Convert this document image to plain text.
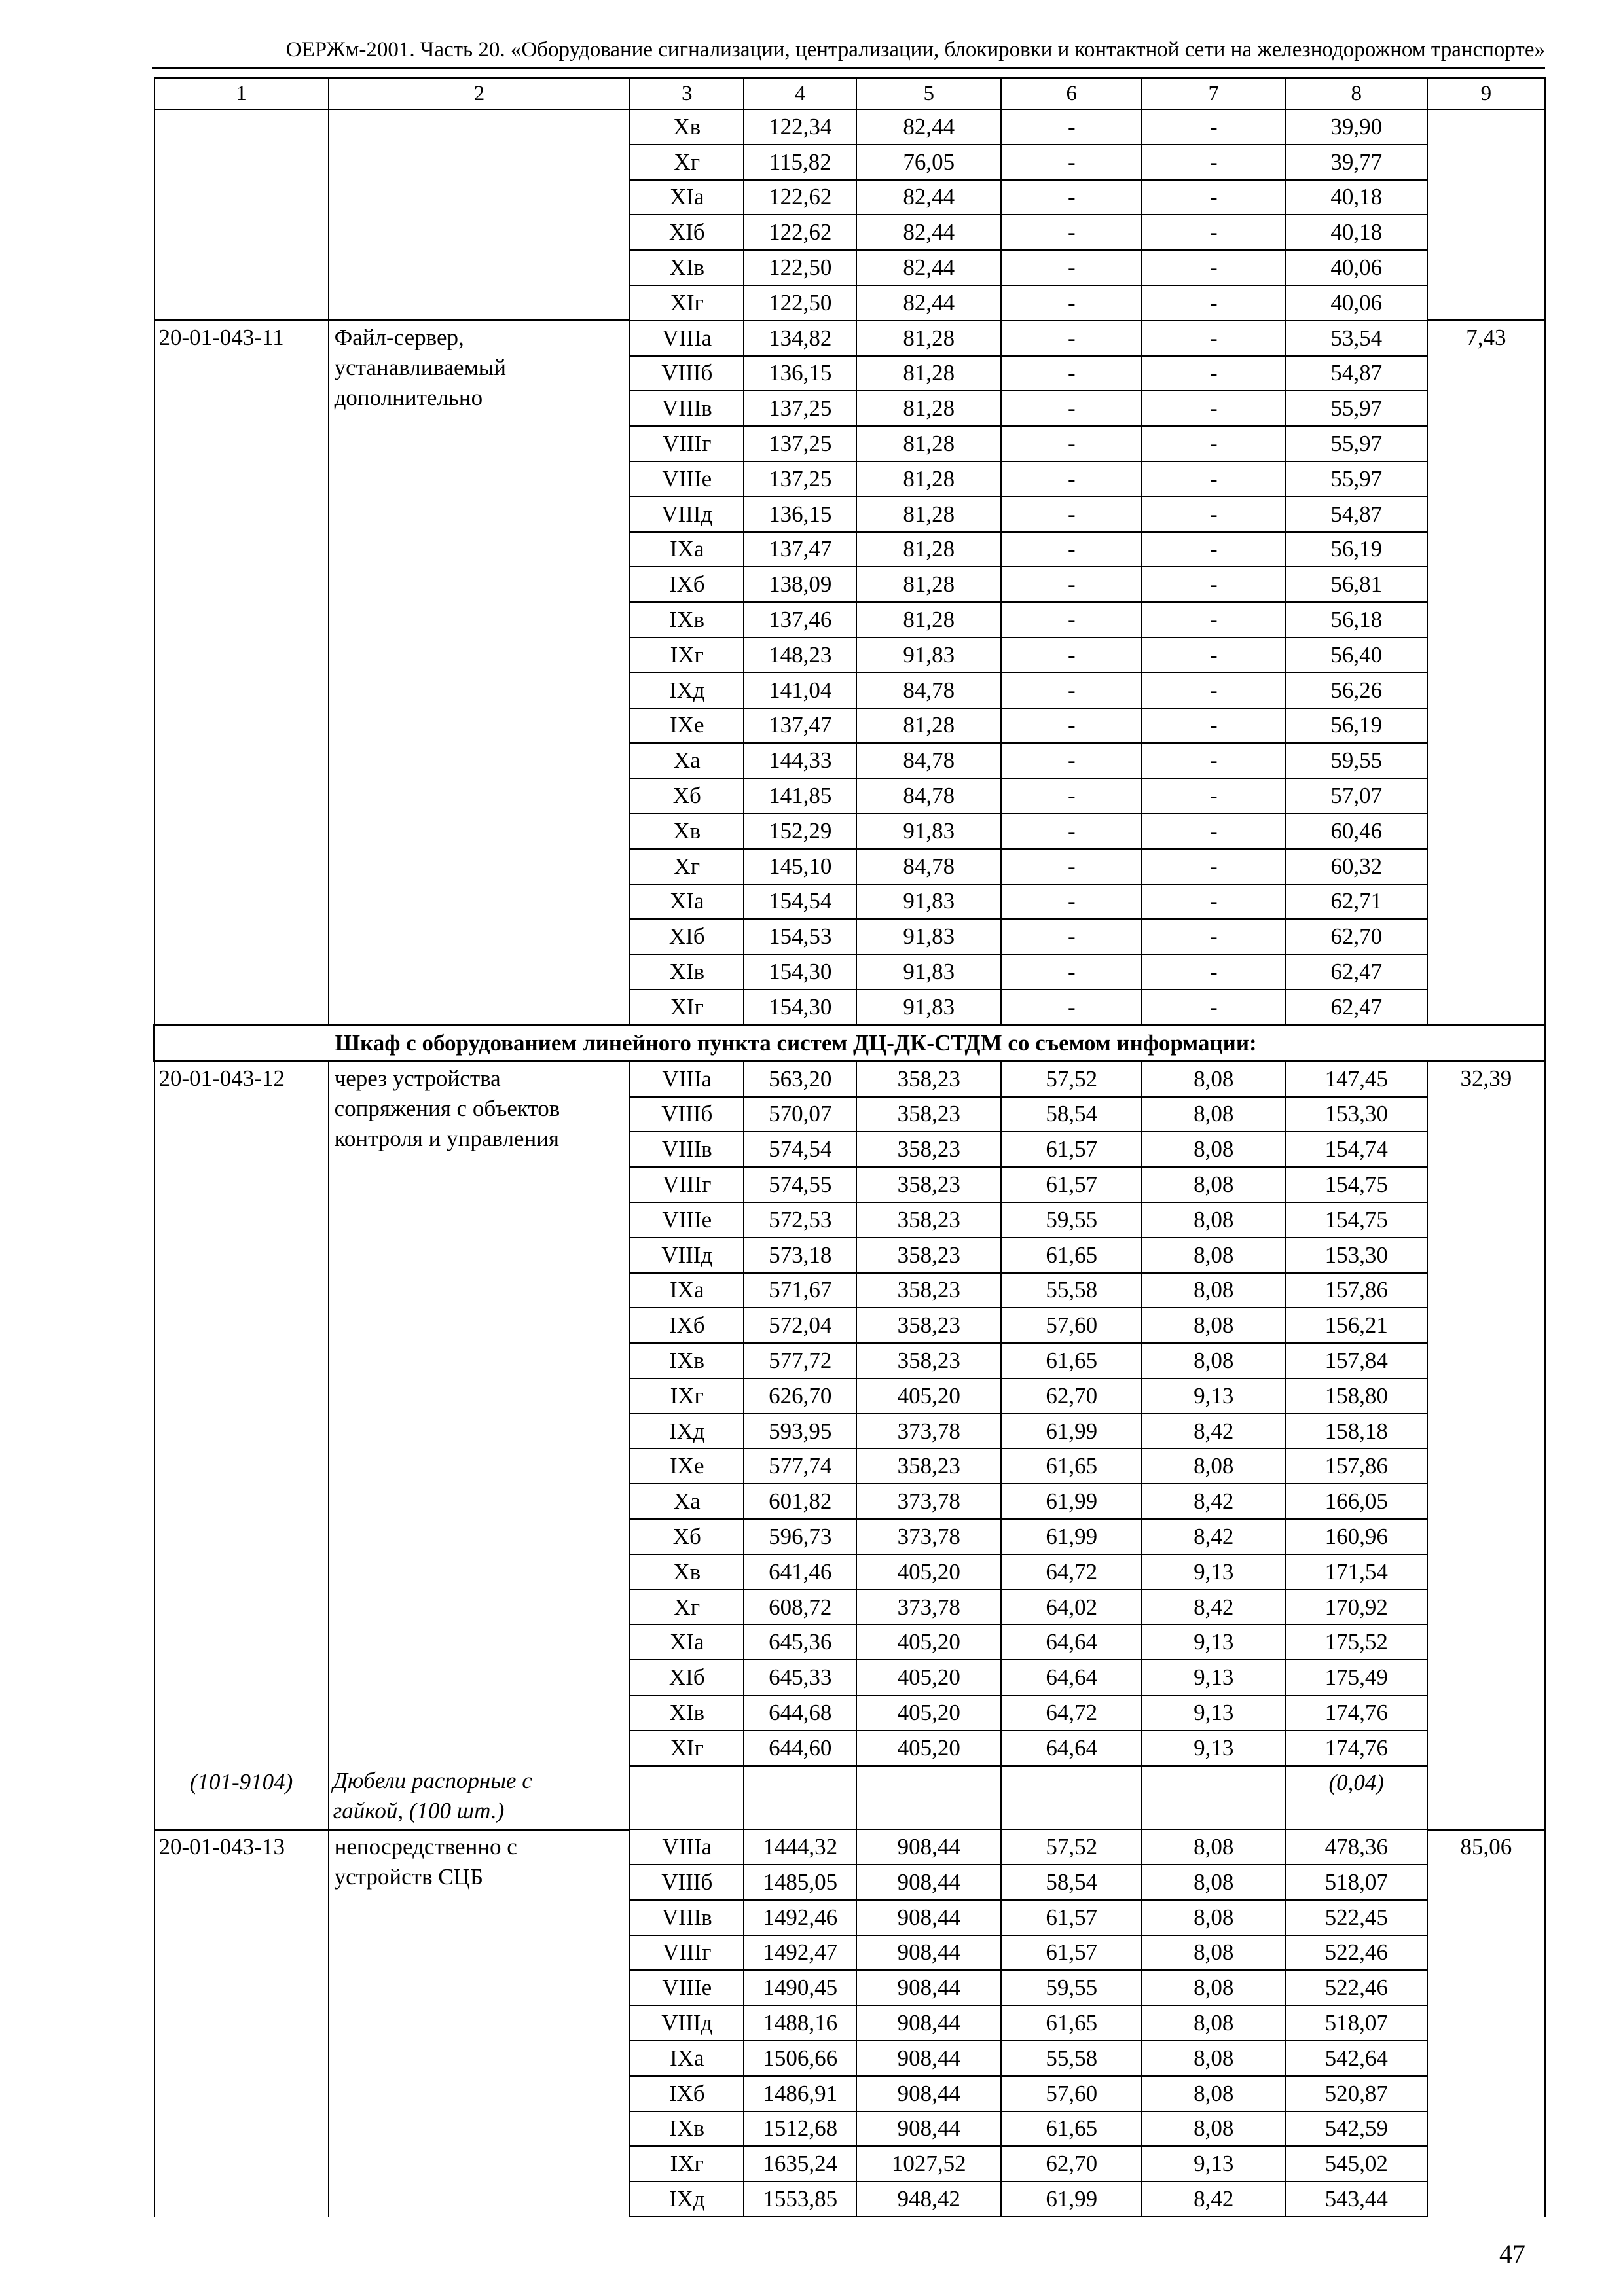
ОЕРЖм-2001. Часть 20. «Оборудование сигнализации, централизации, блокировки и контактной сети на железнодорожном транспорте»
1	2	3	4	5	6	7	8	9
		Xв	122,34	82,44	-	-	39,90	
		Xг	115,82	76,05	-	-	39,77	
		XIа	122,62	82,44	-	-	40,18	
		XIб	122,62	82,44	-	-	40,18	
		XIв	122,50	82,44	-	-	40,06	
		XIг	122,50	82,44	-	-	40,06	
20-01-043-11	Файл-сервер, устанавливаемый дополнительно	VIIIа	134,82	81,28	-	-	53,54	7,43
		VIIIб	136,15	81,28	-	-	54,87	
		VIIIв	137,25	81,28	-	-	55,97	
		VIIIг	137,25	81,28	-	-	55,97	
		VIIIе	137,25	81,28	-	-	55,97	
		VIIIд	136,15	81,28	-	-	54,87	
		IXа	137,47	81,28	-	-	56,19	
		IXб	138,09	81,28	-	-	56,81	
		IXв	137,46	81,28	-	-	56,18	
		IXг	148,23	91,83	-	-	56,40	
		IXд	141,04	84,78	-	-	56,26	
		IXе	137,47	81,28	-	-	56,19	
		Xа	144,33	84,78	-	-	59,55	
		Xб	141,85	84,78	-	-	57,07	
		Xв	152,29	91,83	-	-	60,46	
		Xг	145,10	84,78	-	-	60,32	
		XIа	154,54	91,83	-	-	62,71	
		XIб	154,53	91,83	-	-	62,70	
		XIв	154,30	91,83	-	-	62,47	
		XIг	154,30	91,83	-	-	62,47	
	Шкаф с оборудованием линейного пункта систем ДЦ-ДК-СТДМ со съемом информации:							
20-01-043-12	через устройства сопряжения с объектов контроля и управления	VIIIа	563,20	358,23	57,52	8,08	147,45	32,39
		VIIIб	570,07	358,23	58,54	8,08	153,30	
		VIIIв	574,54	358,23	61,57	8,08	154,74	
		VIIIг	574,55	358,23	61,57	8,08	154,75	
		VIIIе	572,53	358,23	59,55	8,08	154,75	
		VIIIд	573,18	358,23	61,65	8,08	153,30	
		IXа	571,67	358,23	55,58	8,08	157,86	
		IXб	572,04	358,23	57,60	8,08	156,21	
		IXв	577,72	358,23	61,65	8,08	157,84	
		IXг	626,70	405,20	62,70	9,13	158,80	
		IXд	593,95	373,78	61,99	8,42	158,18	
		IXе	577,74	358,23	61,65	8,08	157,86	
		Xа	601,82	373,78	61,99	8,42	166,05	
		Xб	596,73	373,78	61,99	8,42	160,96	
		Xв	641,46	405,20	64,72	9,13	171,54	
		Xг	608,72	373,78	64,02	8,42	170,92	
		XIа	645,36	405,20	64,64	9,13	175,52	
		XIб	645,33	405,20	64,64	9,13	175,49	
		XIв	644,68	405,20	64,72	9,13	174,76	
		XIг	644,60	405,20	64,64	9,13	174,76	
(101-9104)	Дюбели распорные с
гайкой, (100 шт.)						(0,04)	
20-01-043-13	непосредственно с устройств СЦБ	VIIIа	1444,32	908,44	57,52	8,08	478,36	85,06
		VIIIб	1485,05	908,44	58,54	8,08	518,07	
		VIIIв	1492,46	908,44	61,57	8,08	522,45	
		VIIIг	1492,47	908,44	61,57	8,08	522,46	
		VIIIе	1490,45	908,44	59,55	8,08	522,46	
		VIIIд	1488,16	908,44	61,65	8,08	518,07	
		IXа	1506,66	908,44	55,58	8,08	542,64	
		IXб	1486,91	908,44	57,60	8,08	520,87	
		IXв	1512,68	908,44	61,65	8,08	542,59	
		IXг	1635,24	1027,52	62,70	9,13	545,02	
		IXд	1553,85	948,42	61,99	8,42	543,44	
47
